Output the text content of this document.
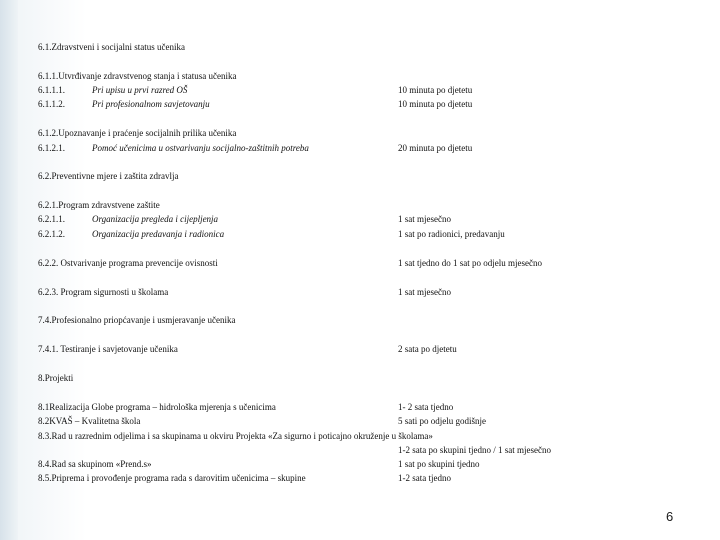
6.1.Zdravstveni i socijalni status učenika
6.1.1.Utvrđivanje zdravstvenog stanja i statusa učenika
6.1.1.1.	Pri upisu u prvi razred OŠ	10 minuta po djetetu
6.1.1.2.	Pri profesionalnom savjetovanju	10 minuta po djetetu
6.1.2.Upoznavanje i praćenje socijalnih prilika učenika
6.1.2.1.	Pomoć učenicima u ostvarivanju socijalno-zaštitnih potreba	20 minuta po djetetu
6.2.Preventivne mjere i zaštita zdravlja
6.2.1.Program zdravstvene zaštite
6.2.1.1.	Organizacija pregleda i cijepljenja	1 sat mjesečno
6.2.1.2.	Organizacija predavanja i radionica	1 sat po radionici, predavanju
6.2.2. Ostvarivanje programa prevencije ovisnosti	1 sat tjedno do 1 sat po odjelu mjesečno
6.2.3. Program sigurnosti u školama	1 sat mjesečno
7.4.Profesionalno priopćavanje i usmjeravanje učenika
7.4.1. Testiranje i savjetovanje učenika	2 sata po djetetu
8.Projekti
8.1Realizacija Globe programa – hidrološka mjerenja s učenicima	1- 2 sata tjedno
8.2KVAŠ – Kvalitetna škola	5 sati po odjelu godišnje
8.3.Rad u razrednim odjelima i sa skupinama u okviru Projekta «Za sigurno i poticajno okruženje u školama»
1-2 sata po skupini tjedno / 1 sat mjesečno
8.4.Rad sa skupinom «Prend.s»	1 sat po skupini tjedno
8.5.Priprema i provođenje programa rada s darovitim učenicima – skupine	1-2 sata tjedno
6
